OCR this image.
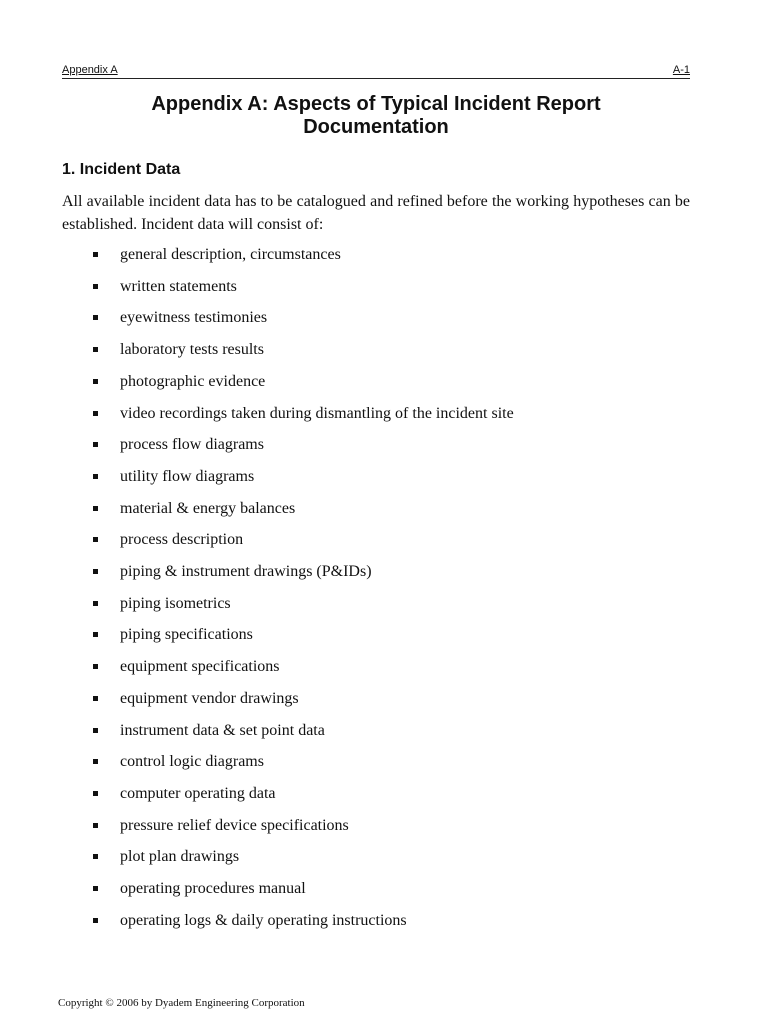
Appendix A	A-1
Appendix A: Aspects of Typical Incident Report
Documentation
1. Incident Data

All available incident data has to be catalogued and refined before the working hypotheses can be established. Incident data will consist of:

general description, circumstances
written statements
eyewitness testimonies
laboratory tests results
photographic evidence
video recordings taken during dismantling of the incident site
process flow diagrams
utility flow diagrams
material & energy balances
process description
piping & instrument drawings (P&IDs)
piping isometrics
piping specifications
equipment specifications
equipment vendor drawings
instrument data & set point data
control logic diagrams
computer operating data
pressure relief device specifications
plot plan drawings
operating procedures manual
operating logs & daily operating instructions

Copyright © 2006 by Dyadem Engineering Corporation
